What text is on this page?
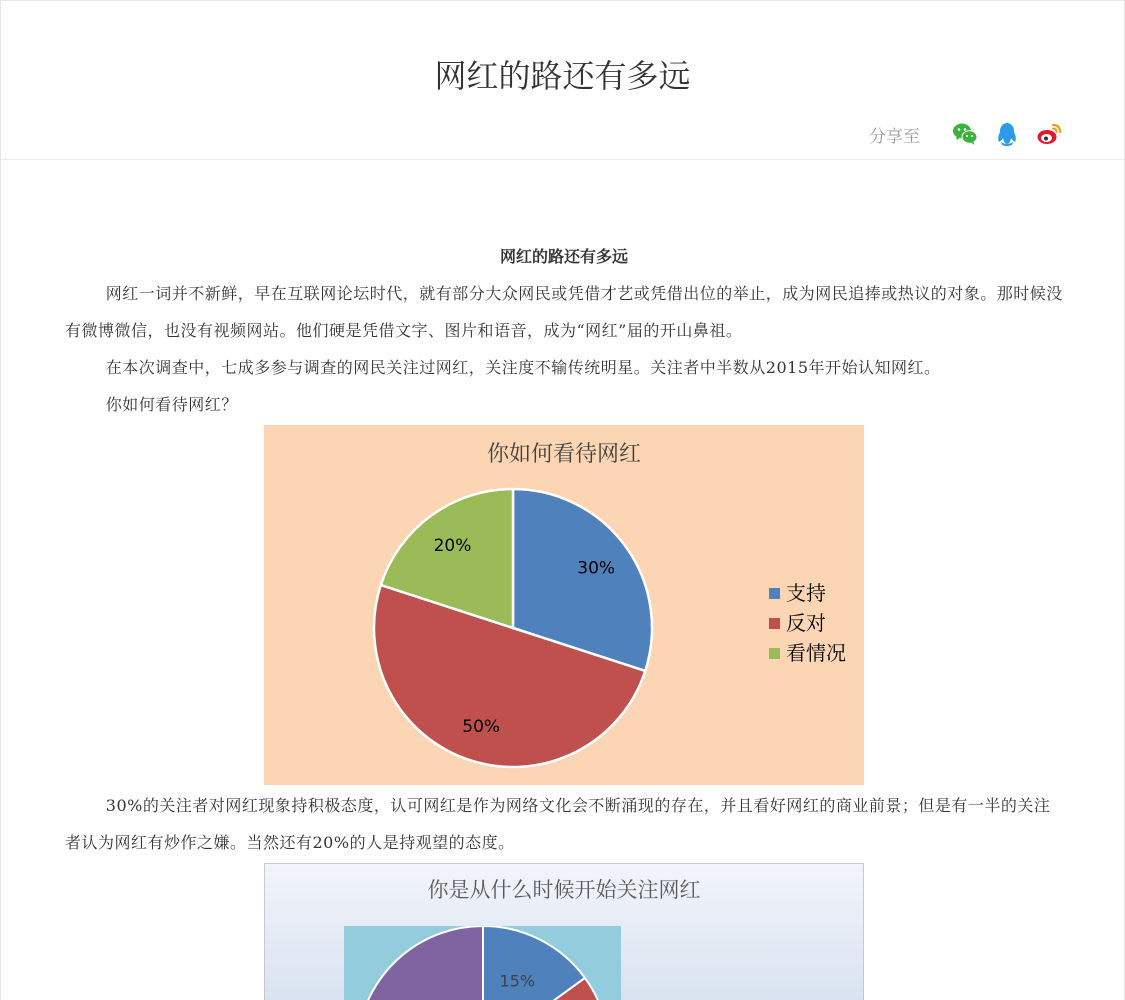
网红的路还有多远
分享至

网红的路还有多远

网红一词并不新鲜，早在互联网论坛时代，就有部分大众网民或凭借才艺或凭借出位的举止，成为网民追捧或热议的对象。那时候没有微博微信，也没有视频网站。他们硬是凭借文字、图片和语音，成为“网红”届的开山鼻祖。

在本次调查中，七成多参与调查的网民关注过网红，关注度不输传统明星。关注者中半数从2015年开始认知网红。

你如何看待网红？

你如何看待网红
30%
50%
20%
支持
反对
看情况

30%的关注者对网红现象持积极态度，认可网红是作为网络文化会不断涌现的存在，并且看好网红的商业前景；但是有一半的关注者认为网红有炒作之嫌。当然还有20%的人是持观望的态度。

你是从什么时候开始关注网红
15%
